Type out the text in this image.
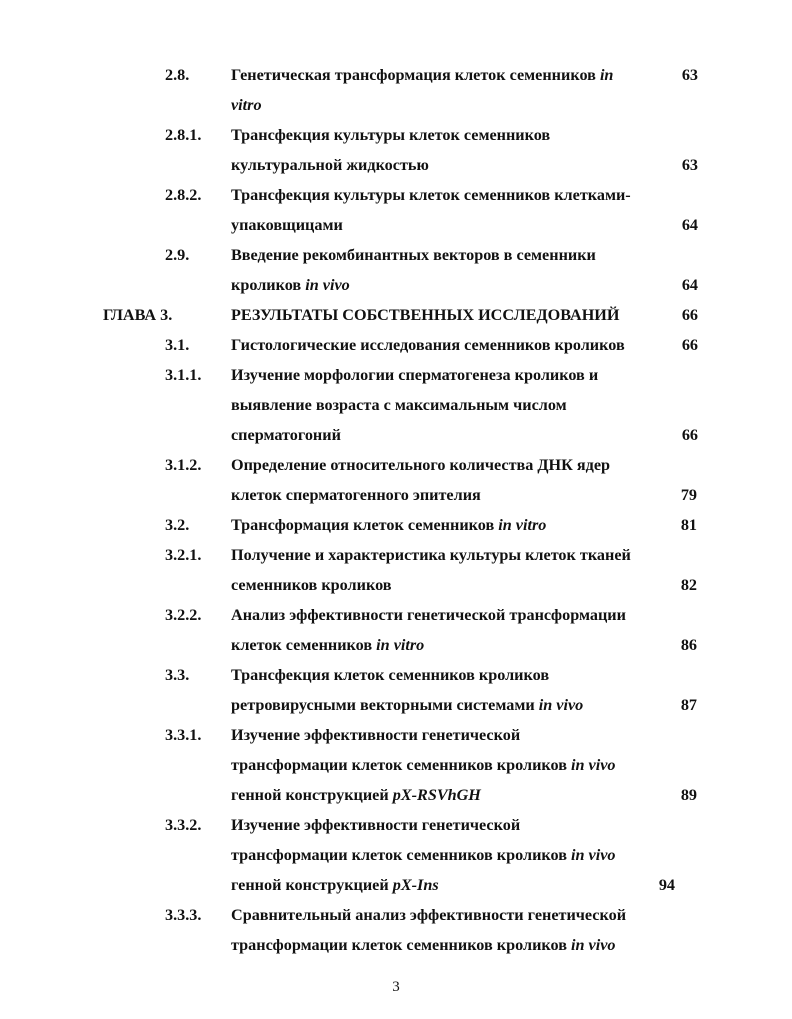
2.8.	Генетическая трансформация клеток семенников in	63
vitro
2.8.1. Трансфекция культуры клеток семенников
культуральной жидкостью	63
2.8.2. Трансфекция культуры клеток семенников клетками-
упаковщицами	64
2.9.	Введение рекомбинантных векторов в семенники
кроликов in vivo	64
ГЛАВА 3.	РЕЗУЛЬТАТЫ СОБСТВЕННЫХ ИССЛЕДОВАНИЙ	66
3.1.	Гистологические исследования семенников кроликов	66
3.1.1. Изучение морфологии сперматогенеза кроликов и
выявление возраста с максимальным числом
сперматогоний	66
3.1.2. Определение относительного количества ДНК ядер
клеток сперматогенного эпителия	79
3.2.	Трансформация клеток семенников in vitro	81
3.2.1. Получение и характеристика культуры клеток тканей
семенников кроликов	82
3.2.2. Анализ эффективности генетической трансформации
клеток семенников in vitro	86
3.3.	Трансфекция клеток семенников кроликов
ретровирусными векторными системами in vivo	87
3.3.1. Изучение эффективности генетической
трансформации клеток семенников кроликов in vivo
генной конструкцией pX-RSVhGH	89
3.3.2. Изучение эффективности генетической
трансформации клеток семенников кроликов in vivo
генной конструкцией pX-Ins	94
3.3.3. Сравнительный анализ эффективности генетической
трансформации клеток семенников кроликов in vivo
3
